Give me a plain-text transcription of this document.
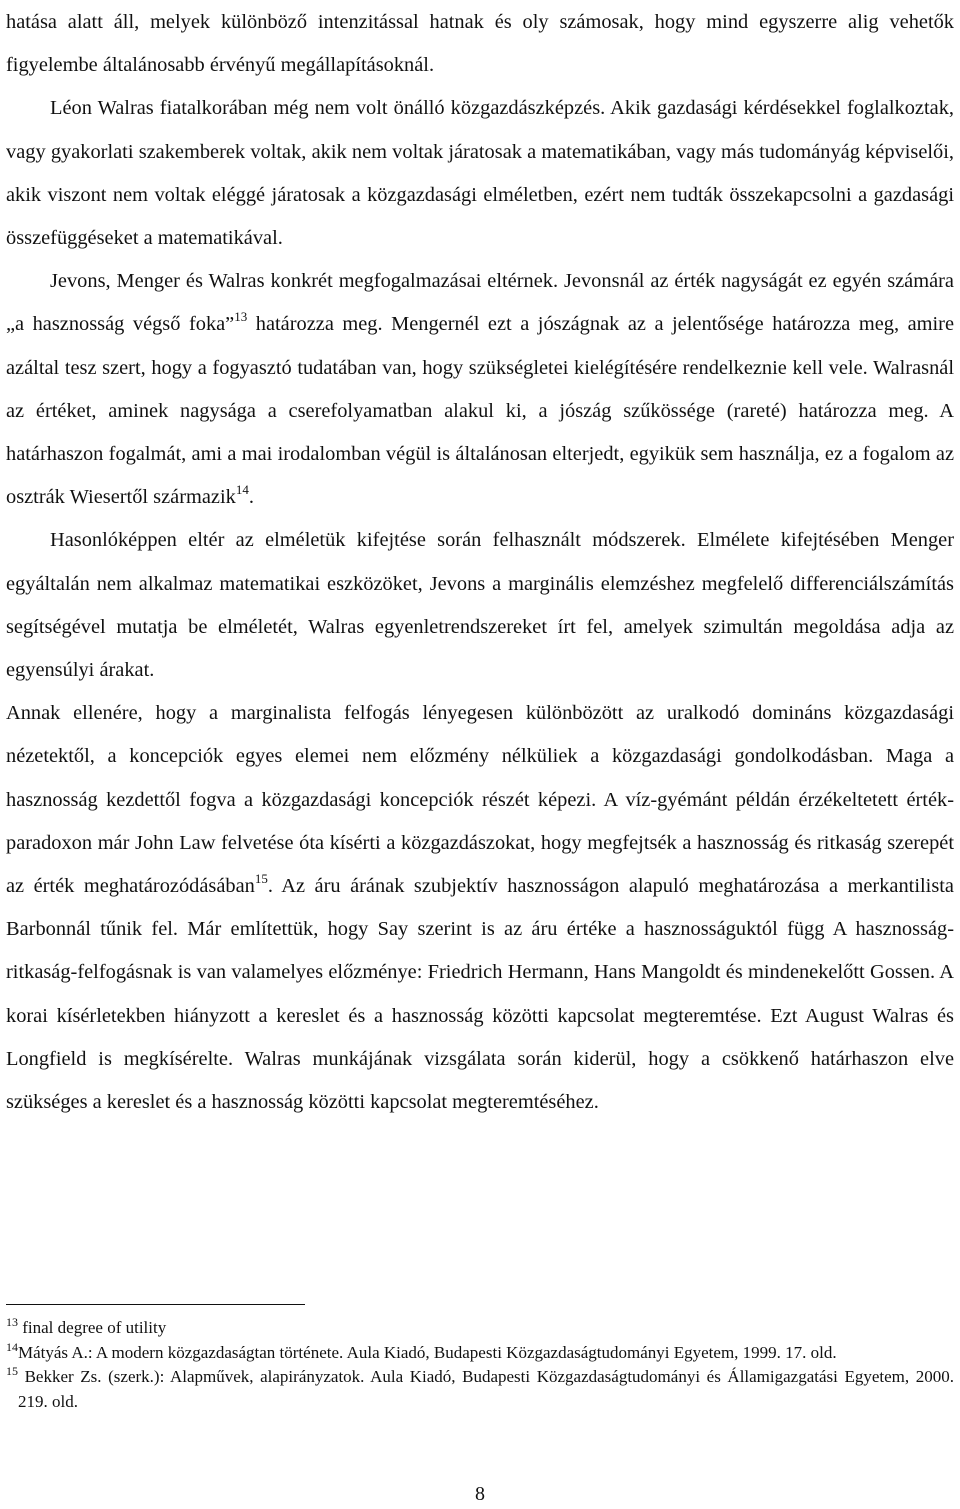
hatása alatt áll, melyek különböző intenzitással hatnak és oly számosak, hogy mind egyszerre alig vehetők figyelembe általánosabb érvényű megállapításoknál.

Léon Walras fiatalkorában még nem volt önálló közgazdászképzés. Akik gazdasági kérdésekkel foglalkoztak, vagy gyakorlati szakemberek voltak, akik nem voltak járatosak a matematikában, vagy más tudományág képviselői, akik viszont nem voltak eléggé járatosak a közgazdasági elméletben, ezért nem tudták összekapcsolni a gazdasági összefüggéseket a matematikával.

Jevons, Menger és Walras konkrét megfogalmazásai eltérnek. Jevonsnál az érték nagyságát ez egyén számára „a hasznosság végső foka”$^{13}$ határozza meg. Mengernél ezt a jószágnak az a jelentősége határozza meg, amire azáltal tesz szert, hogy a fogyasztó tudatában van, hogy szükségletei kielégítésére rendelkeznie kell vele. Walrasnál az értéket, aminek nagysága a cserefolyamatban alakul ki, a jószág szűkössége (rareté) határozza meg. A határhaszon fogalmát, ami a mai irodalomban végül is általánosan elterjedt, egyikük sem használja, ez a fogalom az osztrák Wiesertől származik$^{14}$.

Hasonlóképpen eltér az elméletük kifejtése során felhasznált módszerek. Elmélete kifejtésében Menger egyáltalán nem alkalmaz matematikai eszközöket, Jevons a marginális elemzéshez megfelelő differenciálszámítás segítségével mutatja be elméletét, Walras egyenletrendszereket írt fel, amelyek szimultán megoldása adja az egyensúlyi árakat.

Annak ellenére, hogy a marginalista felfogás lényegesen különbözött az uralkodó domináns közgazdasági nézetektől, a koncepciók egyes elemei nem előzmény nélküliek a közgazdasági gondolkodásban. Maga a hasznosság kezdettől fogva a közgazdasági koncepciók részét képezi. A víz-gyémánt példán érzékeltetett érték-paradoxon már John Law felvetése óta kísérti a közgazdászokat, hogy megfejtsék a hasznosság és ritkaság szerepét az érték meghatározódásában$^{15}$. Az áru árának szubjektív hasznosságon alapuló meghatározása a merkantilista Barbonnál tűnik fel. Már említettük, hogy Say szerint is az áru értéke a hasznosságuktól függ A hasznosság-ritkaság-felfogásnak is van valamelyes előzménye: Friedrich Hermann, Hans Mangoldt és mindenekelőtt Gossen. A korai kísérletekben hiányzott a kereslet és a hasznosság közötti kapcsolat megteremtése. Ezt August Walras és Longfield is megkísérelte. Walras munkájának vizsgálata során kiderül, hogy a csökkenő határhaszon elve szükséges a kereslet és a hasznosság közötti kapcsolat megteremtéséhez.

$^{13}$ final degree of utility

$^{14}$Mátyás A.: A modern közgazdaságtan története. Aula Kiadó, Budapesti Közgazdaságtudományi Egyetem, 1999. 17. old.

$^{15}$ Bekker Zs. (szerk.): Alapművek, alapirányzatok. Aula Kiadó, Budapesti Közgazdaságtudományi és Államigazgatási Egyetem, 2000. 219. old.

8
